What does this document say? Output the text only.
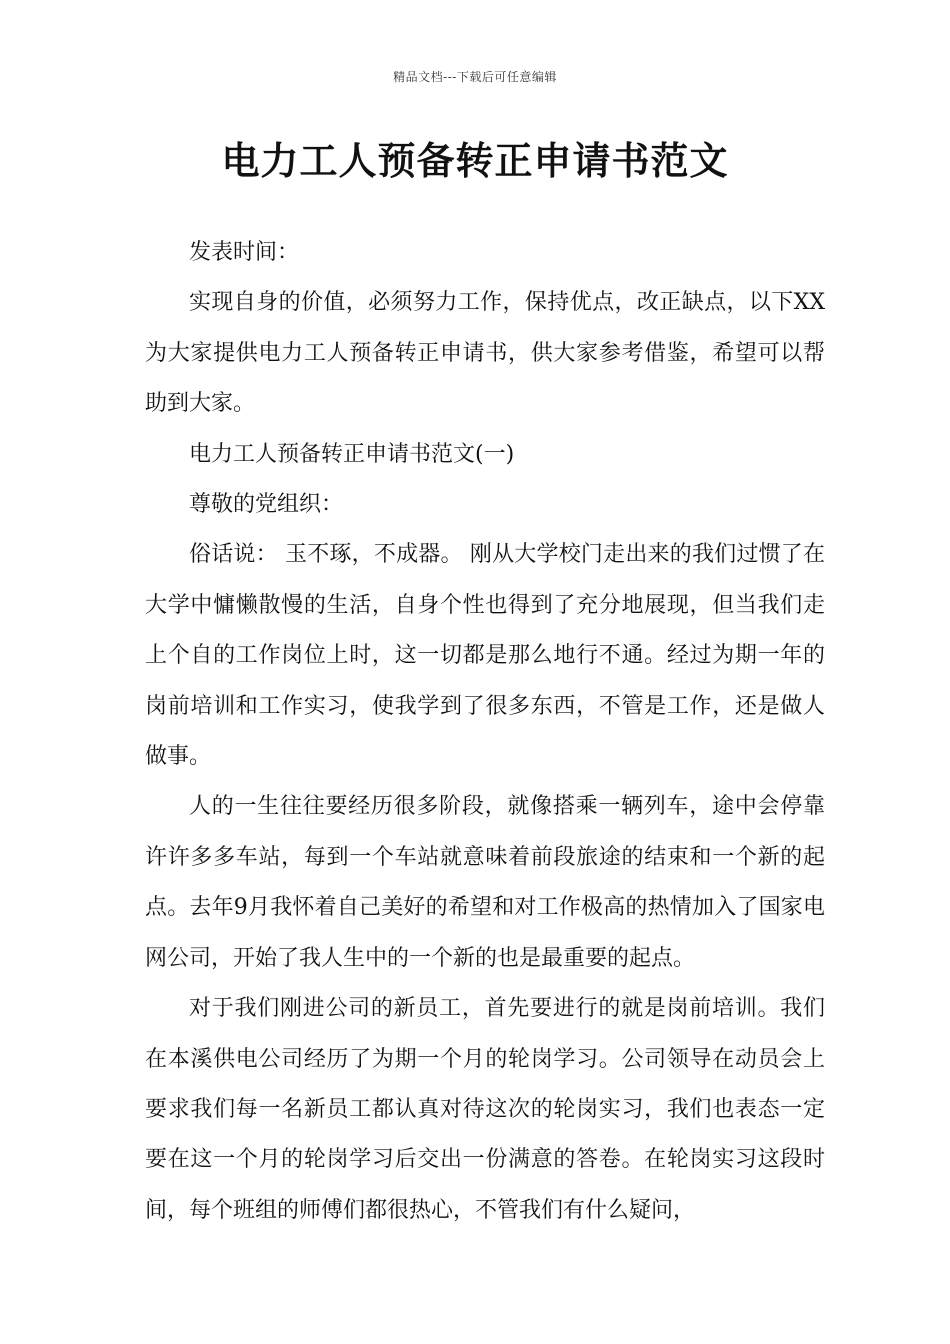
精品文档---下载后可任意编辑
电力工人预备转正申请书范文

发表时间：

实现自身的价值，必须努力工作，保持优点，改正缺点，以下XX为大家提供电力工人预备转正申请书，供大家参考借鉴，希望可以帮助到大家。

电力工人预备转正申请书范文(一)

尊敬的党组织：

俗话说： 玉不琢，不成器。 刚从大学校门走出来的我们过惯了在大学中慵懒散慢的生活，自身个性也得到了充分地展现，但当我们走上个自的工作岗位上时，这一切都是那么地行不通。经过为期一年的岗前培训和工作实习，使我学到了很多东西，不管是工作，还是做人做事。

人的一生往往要经历很多阶段，就像搭乘一辆列车，途中会停靠许许多多车站，每到一个车站就意味着前段旅途的结束和一个新的起点。去年9月我怀着自己美好的希望和对工作极高的热情加入了国家电网公司，开始了我人生中的一个新的也是最重要的起点。

对于我们刚进公司的新员工，首先要进行的就是岗前培训。我们在本溪供电公司经历了为期一个月的轮岗学习。公司领导在动员会上要求我们每一名新员工都认真对待这次的轮岗实习，我们也表态一定要在这一个月的轮岗学习后交出一份满意的答卷。在轮岗实习这段时间，每个班组的师傅们都很热心，不管我们有什么疑问，
